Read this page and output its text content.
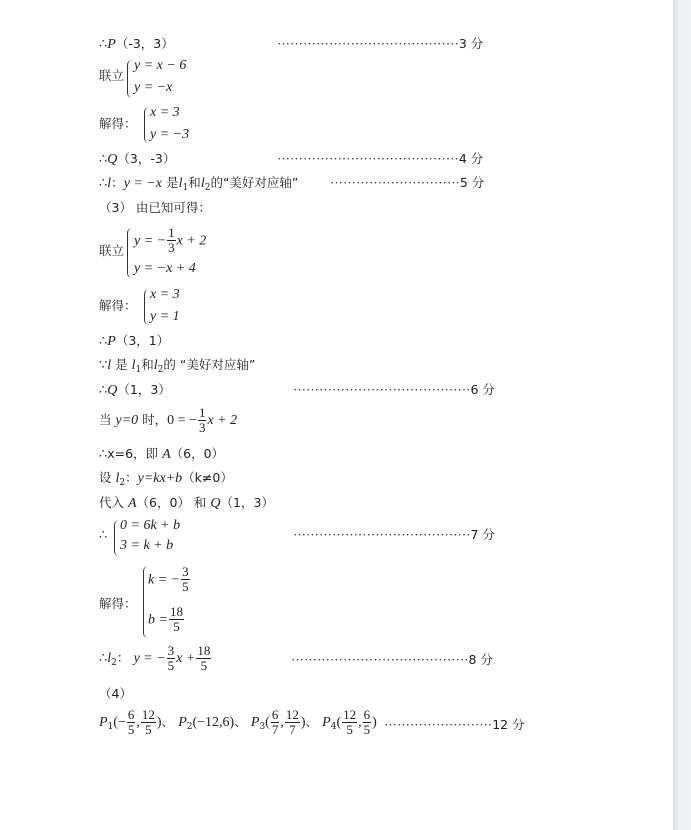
∴P（-3，3）	··········································3 分
联立
y = x − 6
y = −x
解得：
x = 3
y = −3
∴Q（3，-3）	··········································4 分
∴l：y = −x 是$l_1$和$l_2$的“美好对应轴” ······························5 分
（3） 由已知可得：
联立
y = − $\frac{1}{3}$ x + 2
y = −x + 4
解得：
x = 3
y = 1
∴P（3，1）
∵l 是 $l_1$和$l_2$的 “美好对应轴”
∴Q（1，3）	·········································6 分
当 y=0 时，0 = − $\frac{1}{3}$ x + 2
∴x=6，即 A（6，0）
设 $l_2$：y=kx+b（k≠0）
代入 A（6，0） 和 Q（1，3）
∴
0 = 6k + b
3 = k + b
·········································7 分
解得：
k = − $\frac{3}{5}$
$b = \frac{18}{5}$
$\therefore l_2$： y = − $\frac{3}{5}$ $x + \frac{18}{5}$	·········································8 分
（4）
$P_1(- \frac{6}{5}$ , $\frac{12}{5}$ )、 $P_2(-12,6)$、 $P_3( \frac{6}{7}$ , $\frac{12}{7}$ )、 $P_4( \frac{12}{5}$ , $\frac{6}{5}$ ) ·························12 分
